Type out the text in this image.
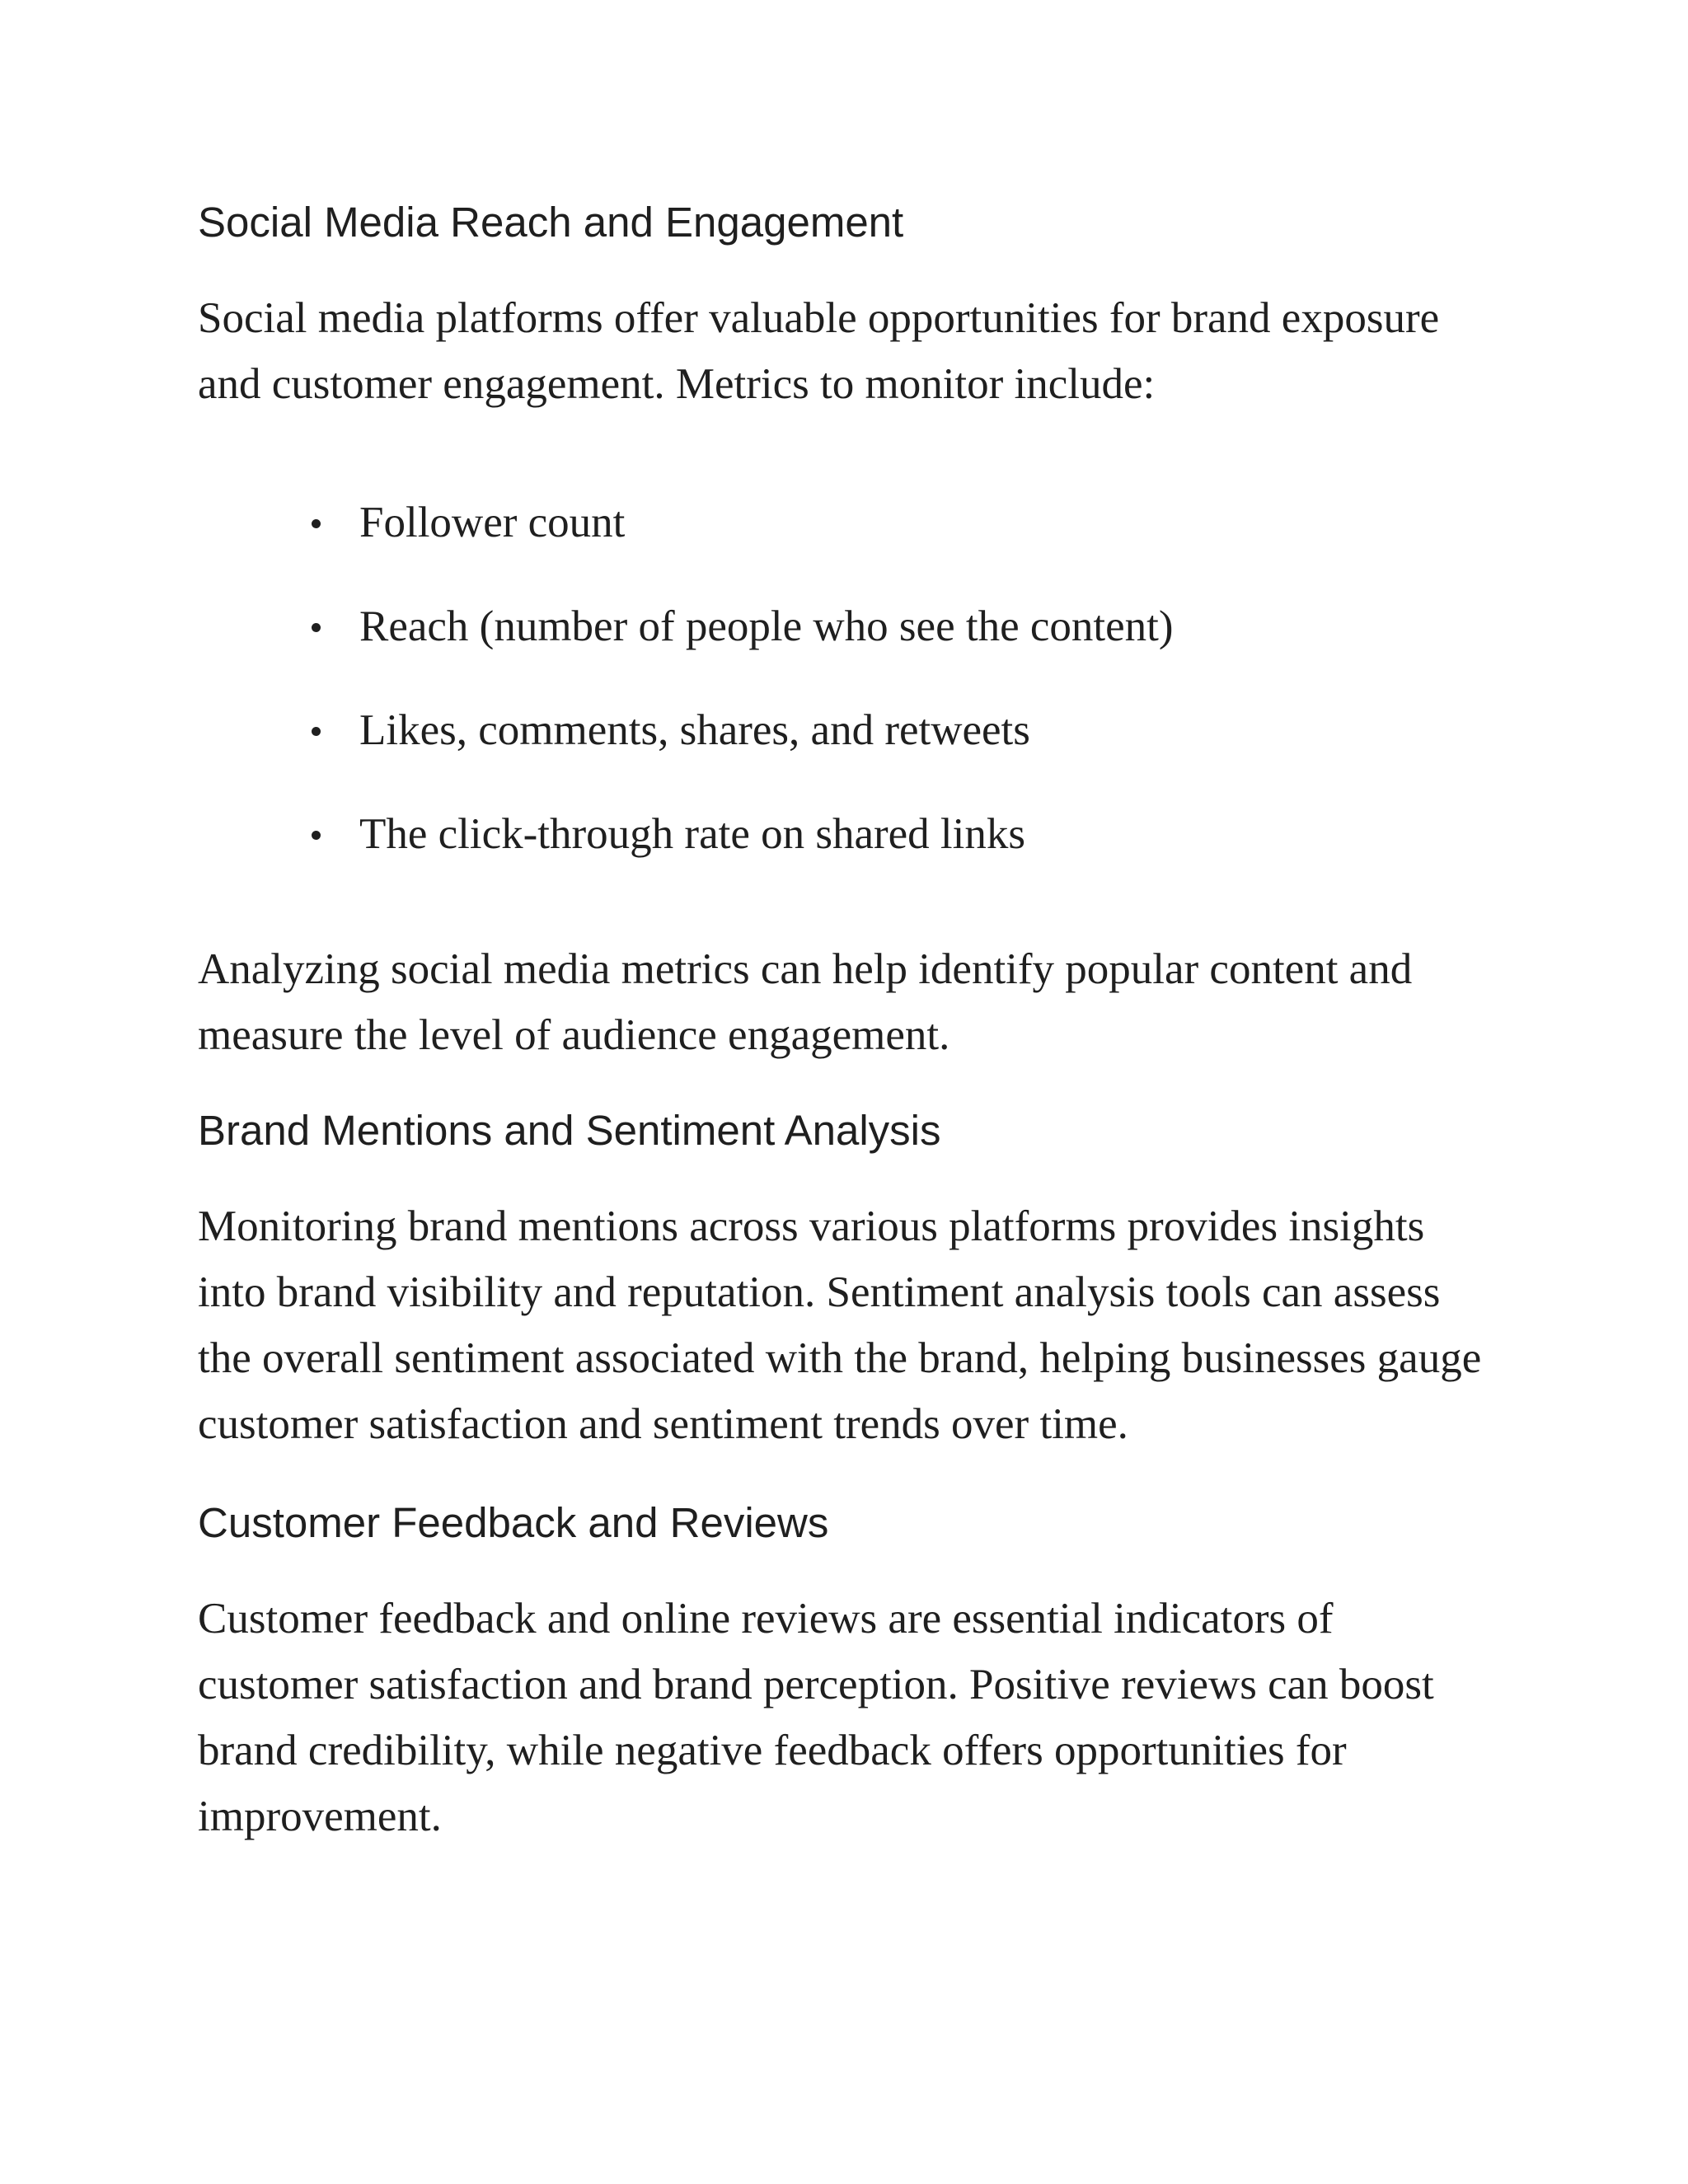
Social Media Reach and Engagement

Social media platforms offer valuable opportunities for brand exposure and customer engagement. Metrics to monitor include:

Follower count
Reach (number of people who see the content)
Likes, comments, shares, and retweets
The click-through rate on shared links

Analyzing social media metrics can help identify popular content and measure the level of audience engagement.

Brand Mentions and Sentiment Analysis

Monitoring brand mentions across various platforms provides insights into brand visibility and reputation. Sentiment analysis tools can assess the overall sentiment associated with the brand, helping businesses gauge customer satisfaction and sentiment trends over time.

Customer Feedback and Reviews

Customer feedback and online reviews are essential indicators of customer satisfaction and brand perception. Positive reviews can boost brand credibility, while negative feedback offers opportunities for improvement.
